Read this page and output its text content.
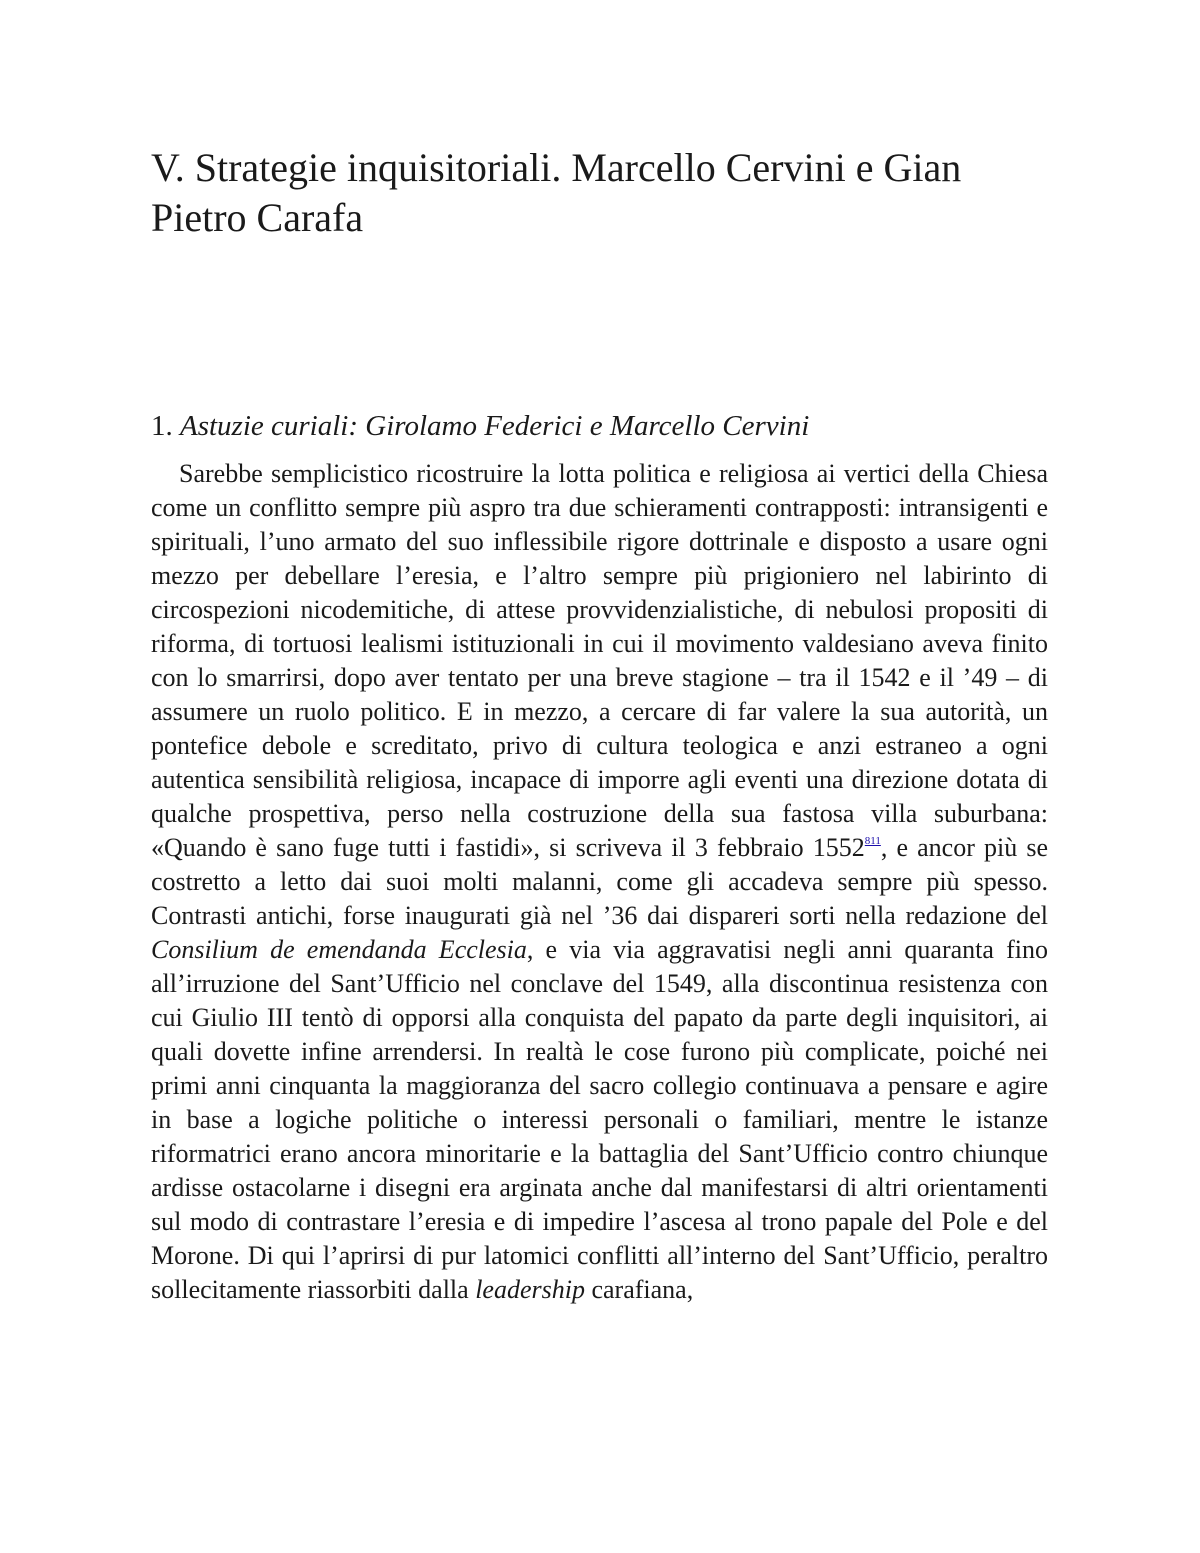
V. Strategie inquisitoriali. Marcello Cervini e Gian Pietro Carafa
1. Astuzie curiali: Girolamo Federici e Marcello Cervini

Sarebbe semplicistico ricostruire la lotta politica e religiosa ai vertici della Chiesa come un conflitto sempre più aspro tra due schieramenti contrapposti: intransigenti e spirituali, l’uno armato del suo inflessibile rigore dottrinale e disposto a usare ogni mezzo per debellare l’eresia, e l’altro sempre più prigioniero nel labirinto di circospezioni nicodemitiche, di attese provvidenzialistiche, di nebulosi propositi di riforma, di tortuosi lealismi istituzionali in cui il movimento valdesiano aveva finito con lo smarrirsi, dopo aver tentato per una breve stagione – tra il 1542 e il ’49 – di assumere un ruolo politico. E in mezzo, a cercare di far valere la sua autorità, un pontefice debole e screditato, privo di cultura teologica e anzi estraneo a ogni autentica sensibilità religiosa, incapace di imporre agli eventi una direzione dotata di qualche prospettiva, perso nella costruzione della sua fastosa villa suburbana: «Quando è sano fuge tutti i fastidi», si scriveva il 3 febbraio 1552$^{811}$, e ancor più se costretto a letto dai suoi molti malanni, come gli accadeva sempre più spesso. Contrasti antichi, forse inaugurati già nel ’36 dai dispareri sorti nella redazione del Consilium de emendanda Ecclesia, e via via aggravatisi negli anni quaranta fino all’irruzione del Sant’Ufficio nel conclave del 1549, alla discontinua resistenza con cui Giulio III tentò di opporsi alla conquista del papato da parte degli inquisitori, ai quali dovette infine arrendersi. In realtà le cose furono più complicate, poiché nei primi anni cinquanta la maggioranza del sacro collegio continuava a pensare e agire in base a logiche politiche o interessi personali o familiari, mentre le istanze riformatrici erano ancora minoritarie e la battaglia del Sant’Ufficio contro chiunque ardisse ostacolarne i disegni era arginata anche dal manifestarsi di altri orientamenti sul modo di contrastare l’eresia e di impedire l’ascesa al trono papale del Pole e del Morone. Di qui l’aprirsi di pur latomici conflitti all’interno del Sant’Ufficio, peraltro sollecitamente riassorbiti dalla leadership carafiana,
